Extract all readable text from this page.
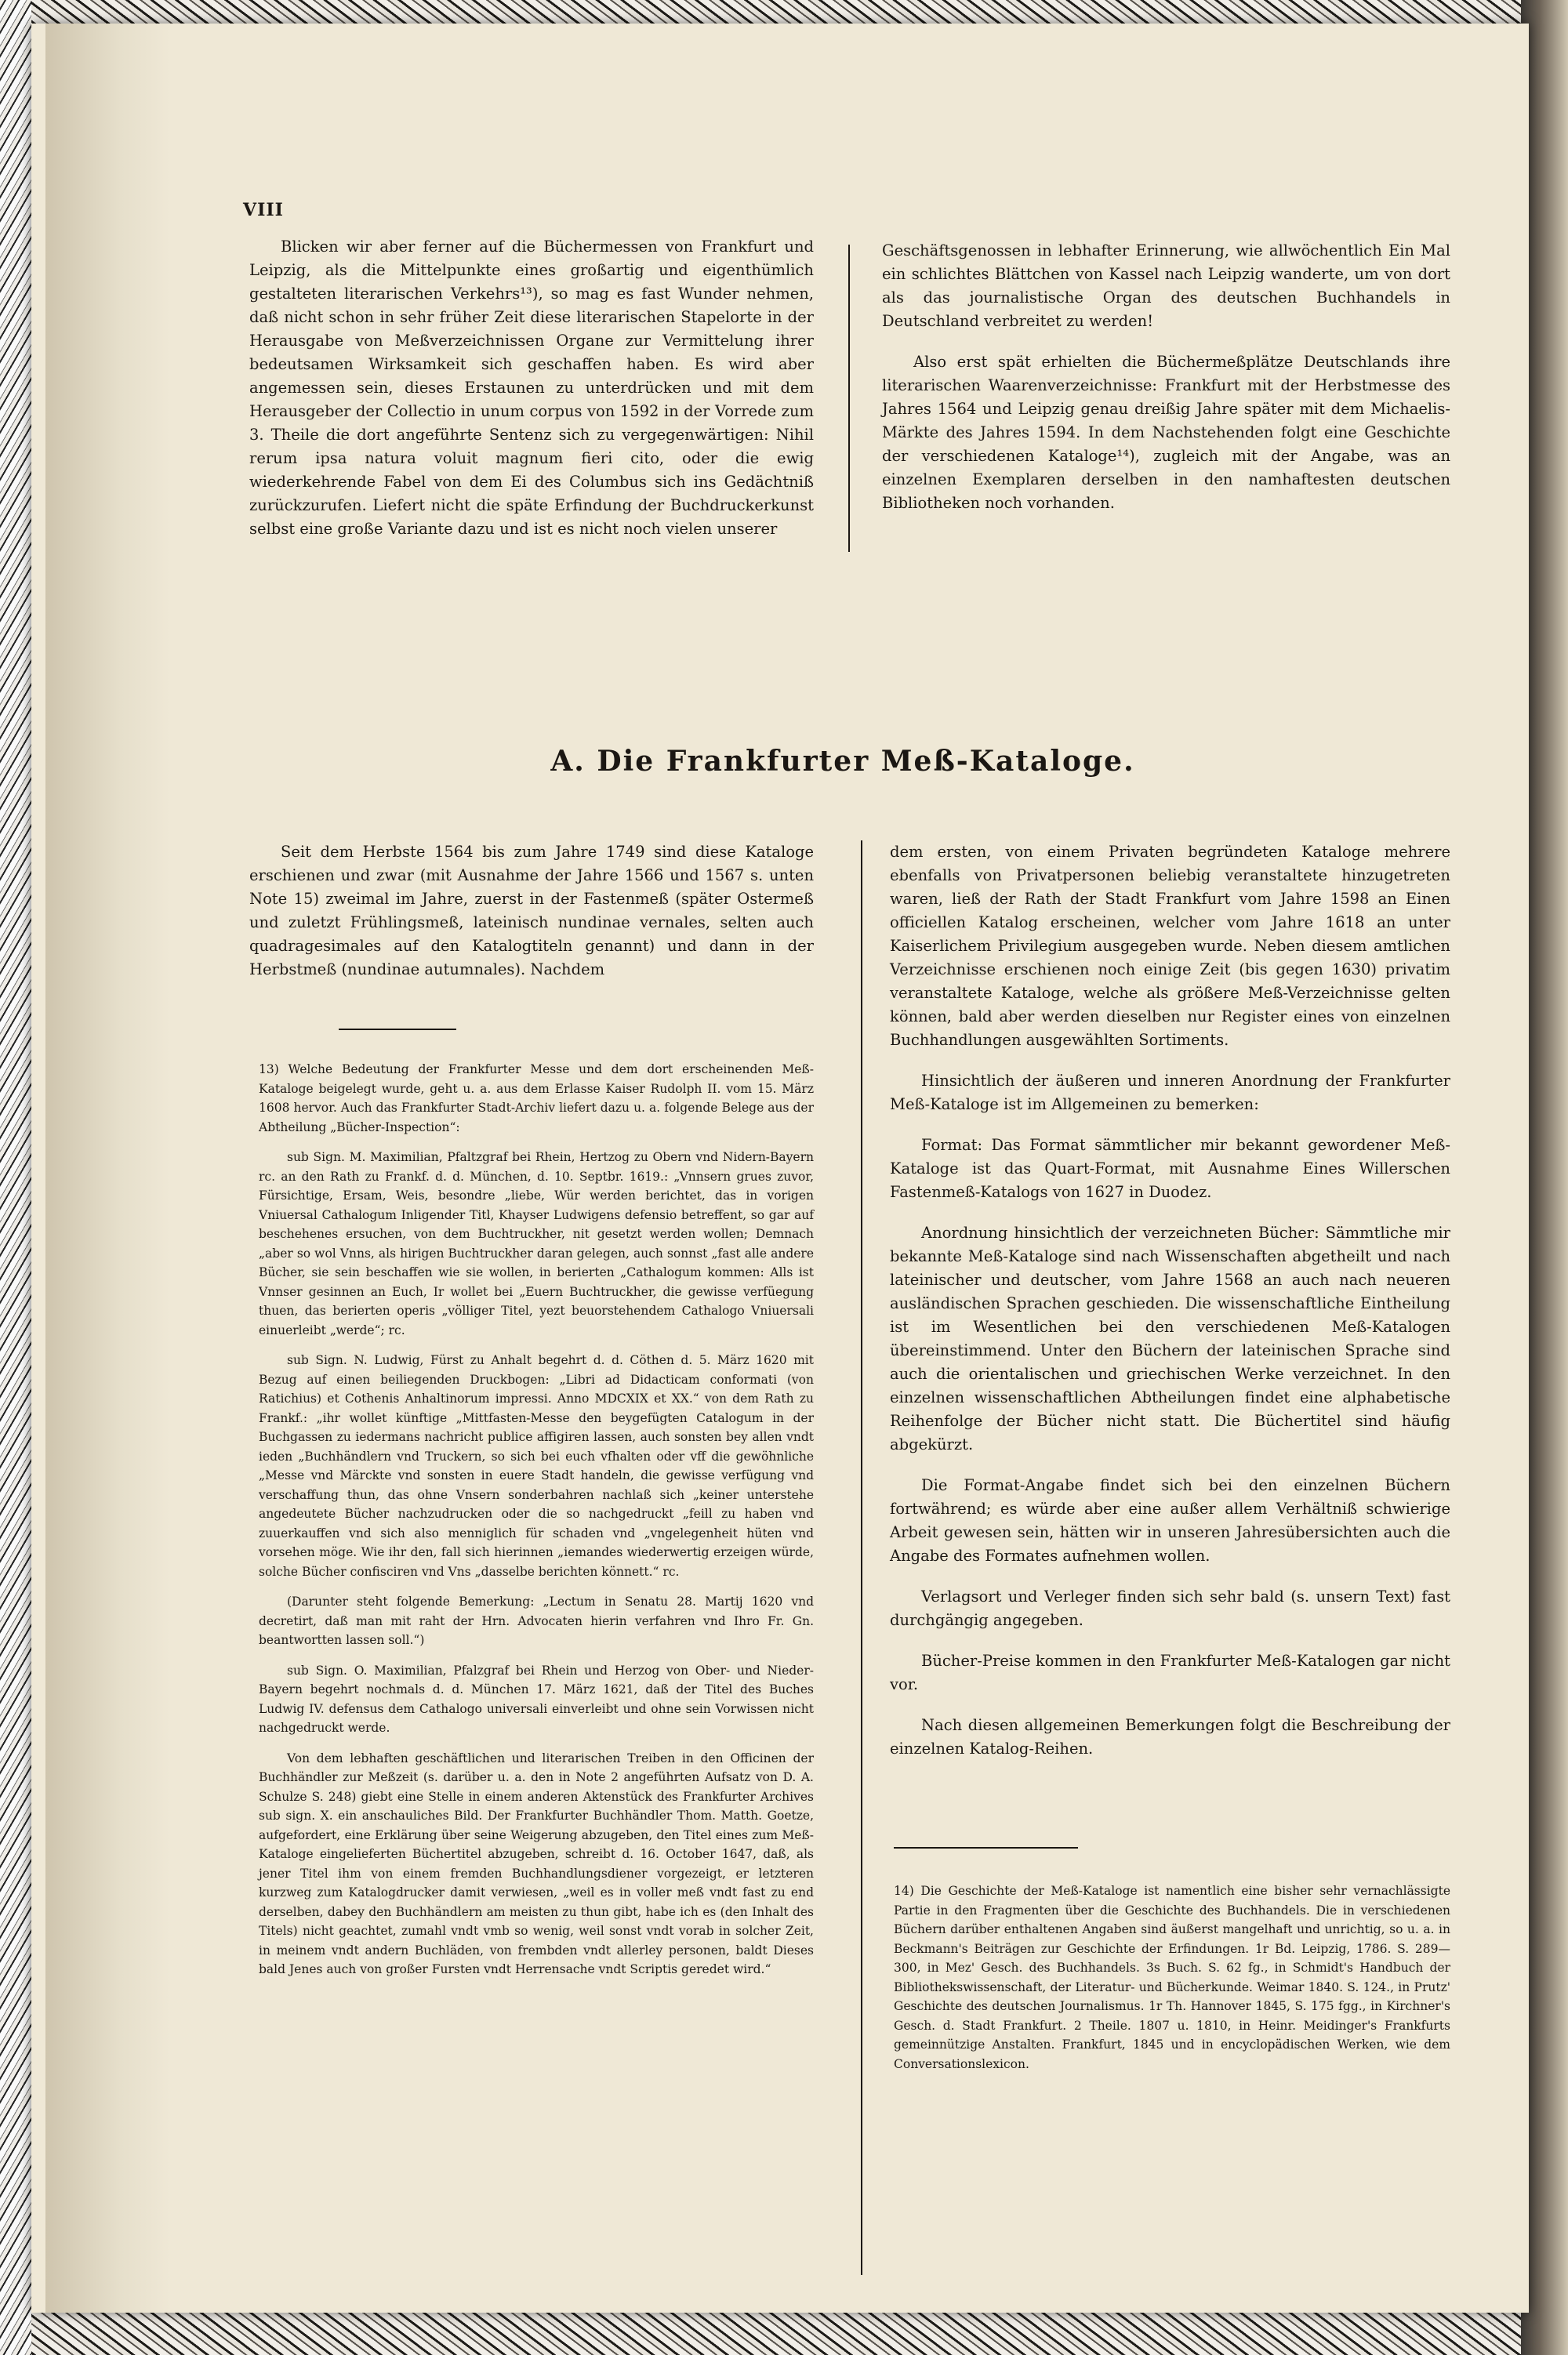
VIII

Blicken wir aber ferner auf die Büchermessen von Frankfurt und Leipzig, als die Mittelpunkte eines großartig und eigenthümlich gestalteten literarischen Verkehrs¹³), so mag es fast Wunder nehmen, daß nicht schon in sehr früher Zeit diese literarischen Stapelorte in der Herausgabe von Meßverzeichnissen Organe zur Vermittelung ihrer bedeutsamen Wirksamkeit sich geschaffen haben. Es wird aber angemessen sein, dieses Erstaunen zu unterdrücken und mit dem Herausgeber der Collectio in unum corpus von 1592 in der Vorrede zum 3. Theile die dort angeführte Sentenz sich zu vergegenwärtigen: Nihil rerum ipsa natura voluit magnum fieri cito, oder die ewig wiederkehrende Fabel von dem Ei des Columbus sich ins Gedächtniß zurückzurufen. Liefert nicht die späte Erfindung der Buchdruckerkunst selbst eine große Variante dazu und ist es nicht noch vielen unserer

Geschäftsgenossen in lebhafter Erinnerung, wie allwöchentlich Ein Mal ein schlichtes Blättchen von Kassel nach Leipzig wanderte, um von dort als das journalistische Organ des deutschen Buchhandels in Deutschland verbreitet zu werden!

Also erst spät erhielten die Büchermeßplätze Deutschlands ihre literarischen Waarenverzeichnisse: Frankfurt mit der Herbstmesse des Jahres 1564 und Leipzig genau dreißig Jahre später mit dem Michaelis-Märkte des Jahres 1594. In dem Nachstehenden folgt eine Geschichte der verschiedenen Kataloge¹⁴), zugleich mit der Angabe, was an einzelnen Exemplaren derselben in den namhaftesten deutschen Bibliotheken noch vorhanden.

A. Die Frankfurter Meß-Kataloge.

Seit dem Herbste 1564 bis zum Jahre 1749 sind diese Kataloge erschienen und zwar (mit Ausnahme der Jahre 1566 und 1567 s. unten Note 15) zweimal im Jahre, zuerst in der Fastenmeß (später Ostermeß und zuletzt Frühlingsmeß, lateinisch nundinae vernales, selten auch quadragesimales auf den Katalogtiteln genannt) und dann in der Herbstmeß (nundinae autumnales). Nachdem

13) Welche Bedeutung der Frankfurter Messe und dem dort erscheinenden Meß-Kataloge beigelegt wurde, geht u. a. aus dem Erlasse Kaiser Rudolph II. vom 15. März 1608 hervor. Auch das Frankfurter Stadt-Archiv liefert dazu u. a. folgende Belege aus der Abtheilung „Bücher-Inspection“:

sub Sign. M. Maximilian, Pfaltzgraf bei Rhein, Hertzog zu Obern vnd Nidern-Bayern rc. an den Rath zu Frankf. d. d. München, d. 10. Septbr. 1619.: „Vnnsern grues zuvor, Fürsichtige, Ersam, Weis, besondre „liebe, Wür werden berichtet, das in vorigen Vniuersal Cathalogum Inligender Titl, Khayser Ludwigens defensio betreffent, so gar auf beschehenes ersuchen, von dem Buchtruckher, nit gesetzt werden wollen; Demnach „aber so wol Vnns, als hirigen Buchtruckher daran gelegen, auch sonnst „fast alle andere Bücher, sie sein beschaffen wie sie wollen, in berierten „Cathalogum kommen: Alls ist Vnnser gesinnen an Euch, Ir wollet bei „Euern Buchtruckher, die gewisse verfüegung thuen, das berierten operis „völliger Titel, yezt beuorstehendem Cathalogo Vniuersali einuerleibt „werde“; rc.

sub Sign. N. Ludwig, Fürst zu Anhalt begehrt d. d. Cöthen d. 5. März 1620 mit Bezug auf einen beiliegenden Druckbogen: „Libri ad Didacticam conformati (von Ratichius) et Cothenis Anhaltinorum impressi. Anno MDCXIX et XX.“ von dem Rath zu Frankf.: „ihr wollet künftige „Mittfasten-Messe den beygefügten Catalogum in der Buchgassen zu iedermans nachricht publice affigiren lassen, auch sonsten bey allen vndt ieden „Buchhändlern vnd Truckern, so sich bei euch vfhalten oder vff die gewöhnliche „Messe vnd Märckte vnd sonsten in euere Stadt handeln, die gewisse verfügung vnd verschaffung thun, das ohne Vnsern sonderbahren nachlaß sich „keiner unterstehe angedeutete Bücher nachzudrucken oder die so nachgedruckt „feill zu haben vnd zuuerkauffen vnd sich also menniglich für schaden vnd „vngelegenheit hüten vnd vorsehen möge. Wie ihr den, fall sich hierinnen „iemandes wiederwertig erzeigen würde, solche Bücher confisciren vnd Vns „dasselbe berichten könnett.“ rc.

(Darunter steht folgende Bemerkung: „Lectum in Senatu 28. Martij 1620 vnd decretirt, daß man mit raht der Hrn. Advocaten hierin verfahren vnd Ihro Fr. Gn. beantwortten lassen soll.“)

sub Sign. O. Maximilian, Pfalzgraf bei Rhein und Herzog von Ober- und Nieder-Bayern begehrt nochmals d. d. München 17. März 1621, daß der Titel des Buches Ludwig IV. defensus dem Cathalogo universali einverleibt und ohne sein Vorwissen nicht nachgedruckt werde.

Von dem lebhaften geschäftlichen und literarischen Treiben in den Officinen der Buchhändler zur Meßzeit (s. darüber u. a. den in Note 2 angeführten Aufsatz von D. A. Schulze S. 248) giebt eine Stelle in einem anderen Aktenstück des Frankfurter Archives sub sign. X. ein anschauliches Bild. Der Frankfurter Buchhändler Thom. Matth. Goetze, aufgefordert, eine Erklärung über seine Weigerung abzugeben, den Titel eines zum Meß-Kataloge eingelieferten Büchertitel abzugeben, schreibt d. 16. October 1647, daß, als jener Titel ihm von einem fremden Buchhandlungsdiener vorgezeigt, er letzteren kurzweg zum Katalogdrucker damit verwiesen, „weil es in voller meß vndt fast zu end derselben, dabey den Buchhändlern am meisten zu thun gibt, habe ich es (den Inhalt des Titels) nicht geachtet, zumahl vndt vmb so wenig, weil sonst vndt vorab in solcher Zeit, in meinem vndt andern Buchläden, von frembden vndt allerley personen, baldt Dieses bald Jenes auch von großer Fursten vndt Herrensache vndt Scriptis geredet wird.“

dem ersten, von einem Privaten begründeten Kataloge mehrere ebenfalls von Privatpersonen beliebig veranstaltete hinzugetreten waren, ließ der Rath der Stadt Frankfurt vom Jahre 1598 an Einen officiellen Katalog erscheinen, welcher vom Jahre 1618 an unter Kaiserlichem Privilegium ausgegeben wurde. Neben diesem amtlichen Verzeichnisse erschienen noch einige Zeit (bis gegen 1630) privatim veranstaltete Kataloge, welche als größere Meß-Verzeichnisse gelten können, bald aber werden dieselben nur Register eines von einzelnen Buchhandlungen ausgewählten Sortiments.

Hinsichtlich der äußeren und inneren Anordnung der Frankfurter Meß-Kataloge ist im Allgemeinen zu bemerken:

Format: Das Format sämmtlicher mir bekannt gewordener Meß-Kataloge ist das Quart-Format, mit Ausnahme Eines Willerschen Fastenmeß-Katalogs von 1627 in Duodez.

Anordnung hinsichtlich der verzeichneten Bücher: Sämmtliche mir bekannte Meß-Kataloge sind nach Wissenschaften abgetheilt und nach lateinischer und deutscher, vom Jahre 1568 an auch nach neueren ausländischen Sprachen geschieden. Die wissenschaftliche Eintheilung ist im Wesentlichen bei den verschiedenen Meß-Katalogen übereinstimmend. Unter den Büchern der lateinischen Sprache sind auch die orientalischen und griechischen Werke verzeichnet. In den einzelnen wissenschaftlichen Abtheilungen findet eine alphabetische Reihenfolge der Bücher nicht statt. Die Büchertitel sind häufig abgekürzt.

Die Format-Angabe findet sich bei den einzelnen Büchern fortwährend; es würde aber eine außer allem Verhältniß schwierige Arbeit gewesen sein, hätten wir in unseren Jahresübersichten auch die Angabe des Formates aufnehmen wollen.

Verlagsort und Verleger finden sich sehr bald (s. unsern Text) fast durchgängig angegeben.

Bücher-Preise kommen in den Frankfurter Meß-Katalogen gar nicht vor.

Nach diesen allgemeinen Bemerkungen folgt die Beschreibung der einzelnen Katalog-Reihen.

14) Die Geschichte der Meß-Kataloge ist namentlich eine bisher sehr vernachlässigte Partie in den Fragmenten über die Geschichte des Buchhandels. Die in verschiedenen Büchern darüber enthaltenen Angaben sind äußerst mangelhaft und unrichtig, so u. a. in Beckmann's Beiträgen zur Geschichte der Erfindungen. 1r Bd. Leipzig, 1786. S. 289—300, in Mez' Gesch. des Buchhandels. 3s Buch. S. 62 fg., in Schmidt's Handbuch der Bibliothekswissenschaft, der Literatur- und Bücherkunde. Weimar 1840. S. 124., in Prutz' Geschichte des deutschen Journalismus. 1r Th. Hannover 1845, S. 175 fgg., in Kirchner's Gesch. d. Stadt Frankfurt. 2 Theile. 1807 u. 1810, in Heinr. Meidinger's Frankfurts gemeinnützige Anstalten. Frankfurt, 1845 und in encyclopädischen Werken, wie dem Conversationslexicon.
